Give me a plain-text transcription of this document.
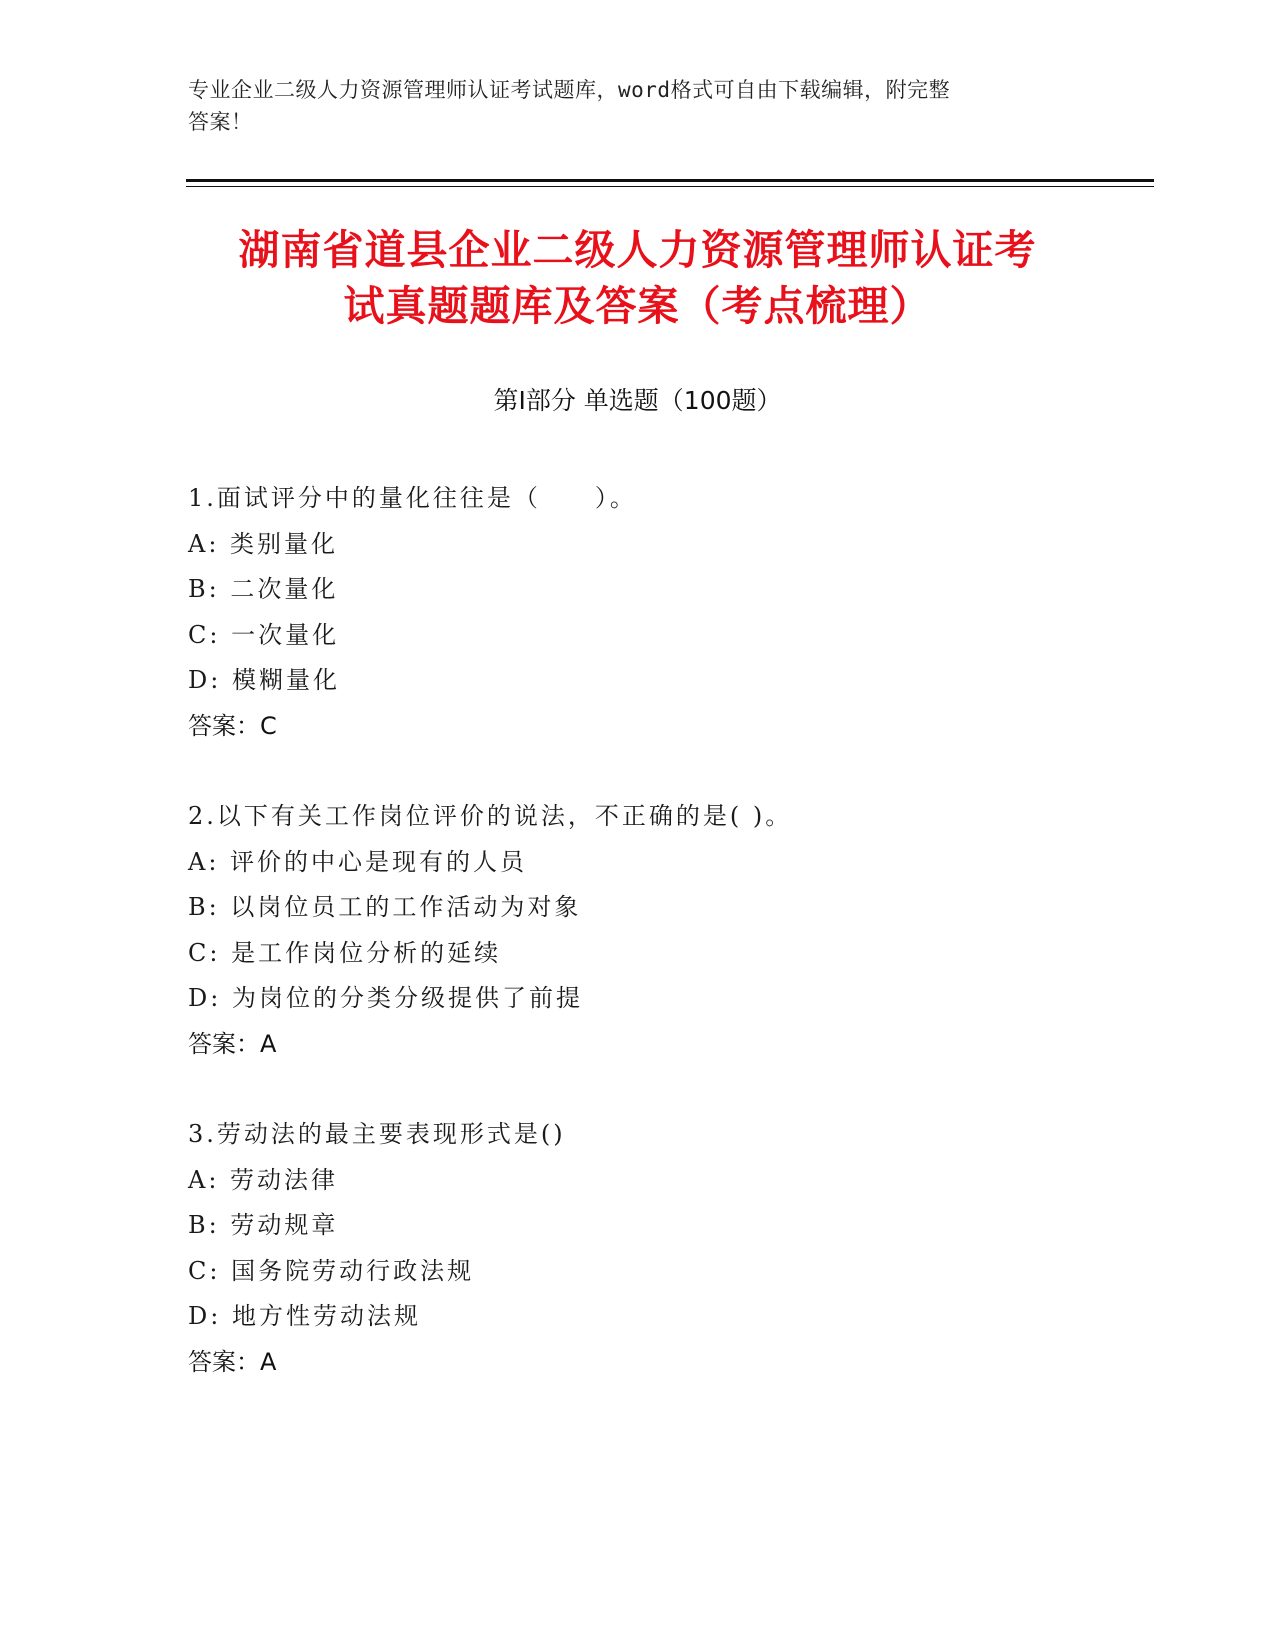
专业企业二级人力资源管理师认证考试题库，word格式可自由下载编辑，附完整
答案！
湖南省道县企业二级人力资源管理师认证考
试真题题库及答案（考点梳理）
第Ⅰ部分 单选题（100题）
1.面试评分中的量化往往是（　　）。
A: 类别量化
B: 二次量化
C: 一次量化
D: 模糊量化
答案：C
2.以下有关工作岗位评价的说法，不正确的是( )。
A: 评价的中心是现有的人员
B: 以岗位员工的工作活动为对象
C: 是工作岗位分析的延续
D: 为岗位的分类分级提供了前提
答案：A
3.劳动法的最主要表现形式是()
A: 劳动法律
B: 劳动规章
C: 国务院劳动行政法规
D: 地方性劳动法规
答案：A
